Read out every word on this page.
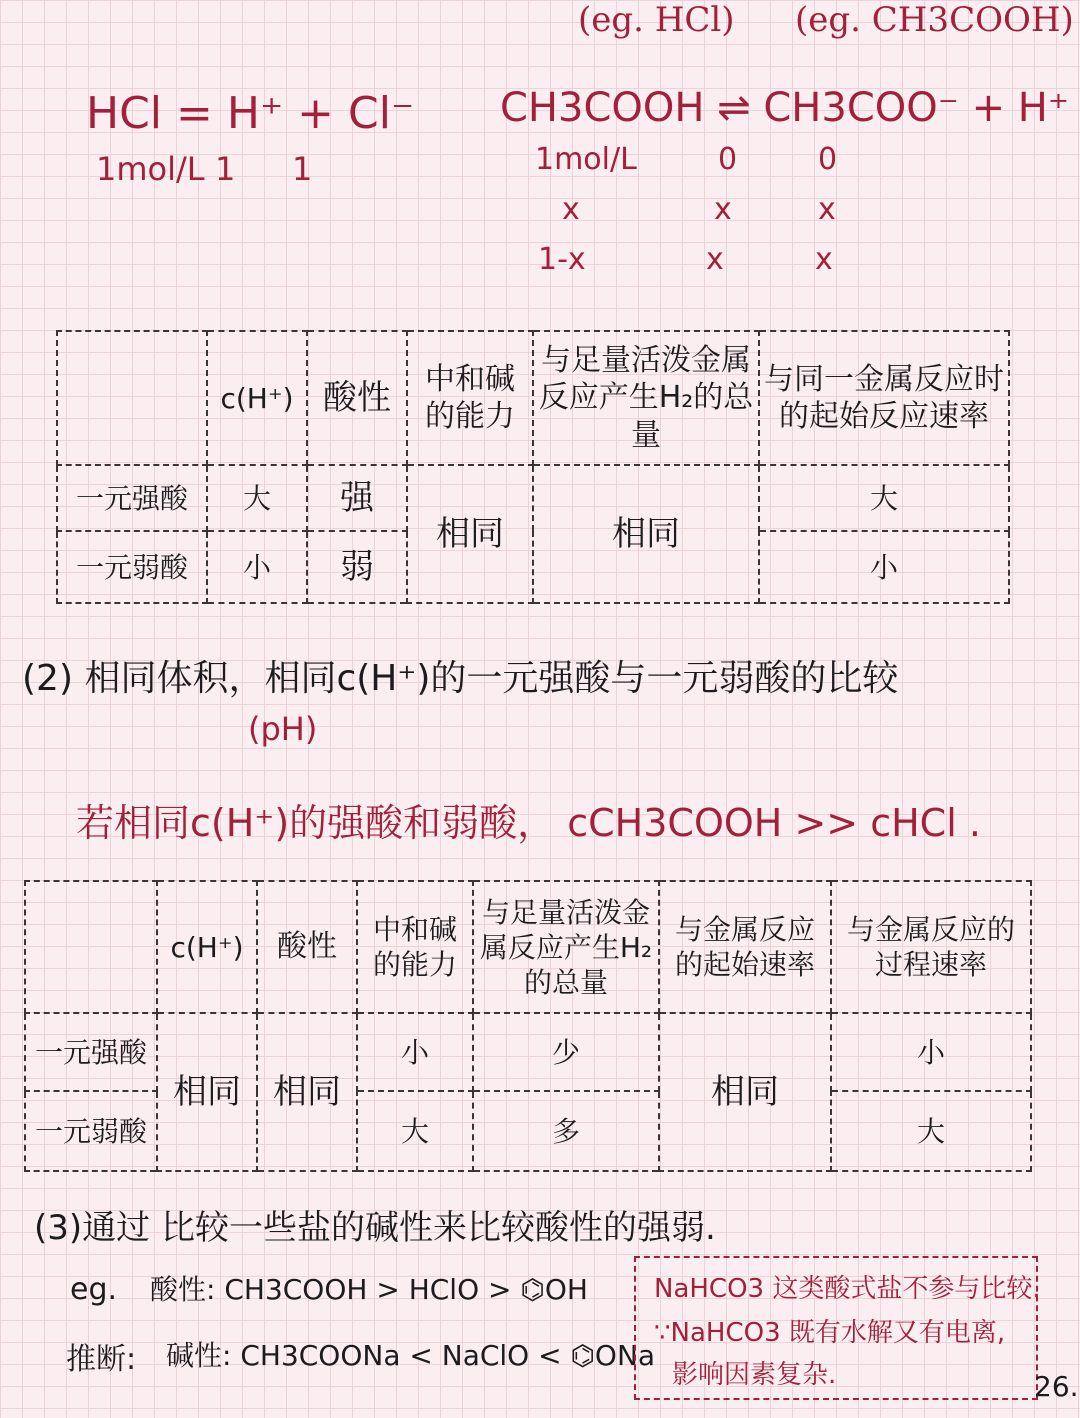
(eg. HCl) (eg. CH3COOH)
HCl = H⁺ + Cl⁻
1mol/L 1 1
CH3COOH ⇌ CH3COO⁻ + H⁺
1mol/L	0	0
x	x	x
1-x	x	x
	c(H⁺)	酸性	中和碱的能力	与足量活泼金属反应产生H₂的总量	与同一金属反应时的起始反应速率
一元强酸	大	强	相同	相同	大
一元弱酸	小	弱			小
(2) 相同体积，相同c(H⁺)的一元强酸与一元弱酸的比较
(pH)
若相同c(H⁺)的强酸和弱酸， cCH3COOH >> cHCl .
	c(H⁺)	酸性	中和碱的能力	与足量活泼金属反应产生H₂的总量	与金属反应的起始速率	与金属反应的过程速率
一元强酸	相同	相同	小	少	相同	小
一元弱酸			大	多		大
(3)通过 比较一些盐的碱性来比较酸性的强弱.
eg. 酸性: CH3COOH > HClO > ⌬OH
推断: 碱性: CH3COONa < NaClO < ⌬ONa
NaHCO3 这类酸式盐不参与比较.
∵NaHCO3 既有水解又有电离,
影响因素复杂.	26.
